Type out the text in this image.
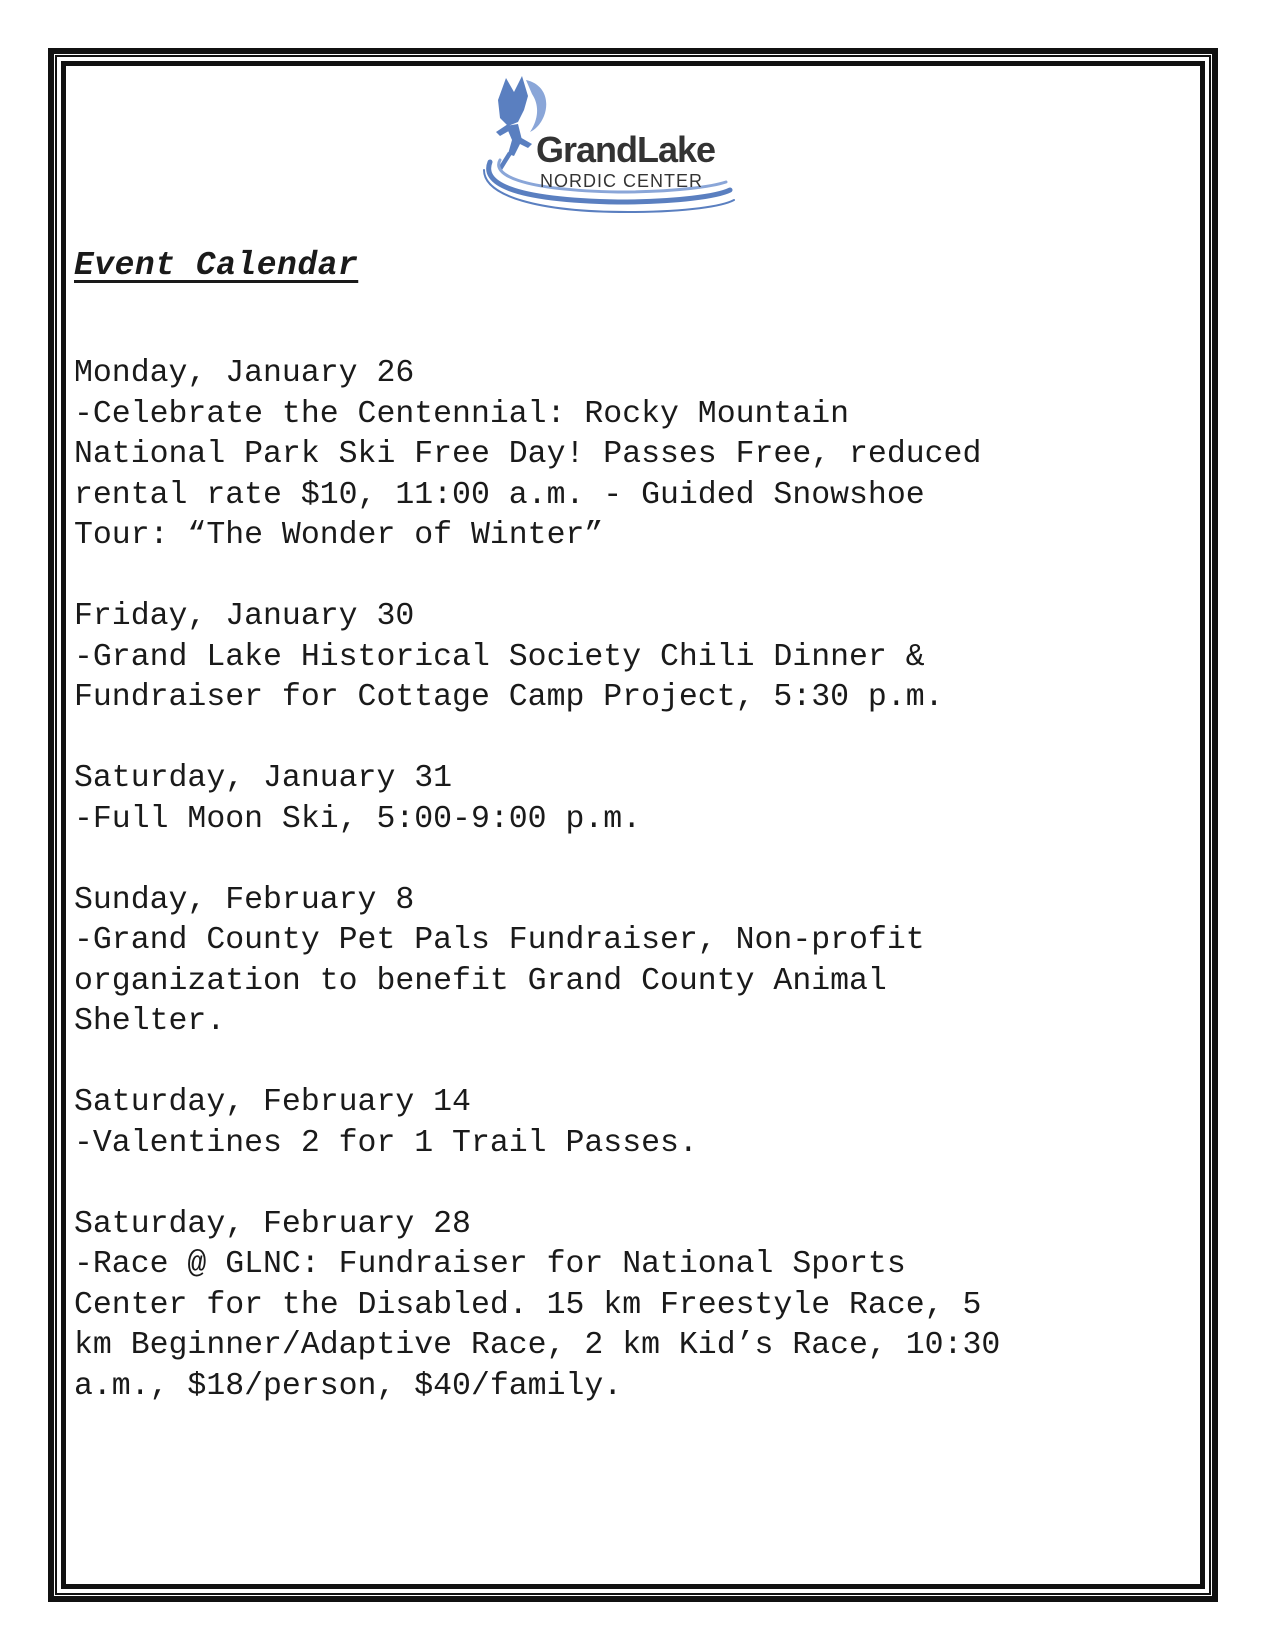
GrandLake
NORDIC CENTER
Event Calendar

Monday, January 26

-Celebrate the Centennial: Rocky Mountain
National Park Ski Free Day! Passes Free, reduced
rental rate $10, 11:00 a.m. - Guided Snowshoe
Tour: “The Wonder of Winter”

Friday, January 30

-Grand Lake Historical Society Chili Dinner &
Fundraiser for Cottage Camp Project, 5:30 p.m.

Saturday, January 31

-Full Moon Ski, 5:00-9:00 p.m.

Sunday, February 8

-Grand County Pet Pals Fundraiser, Non-profit
organization to benefit Grand County Animal
Shelter.

Saturday, February 14

-Valentines 2 for 1 Trail Passes.

Saturday, February 28

-Race @ GLNC: Fundraiser for National Sports
Center for the Disabled. 15 km Freestyle Race, 5
km Beginner/Adaptive Race, 2 km Kid’s Race, 10:30
a.m., $18/person, $40/family.
